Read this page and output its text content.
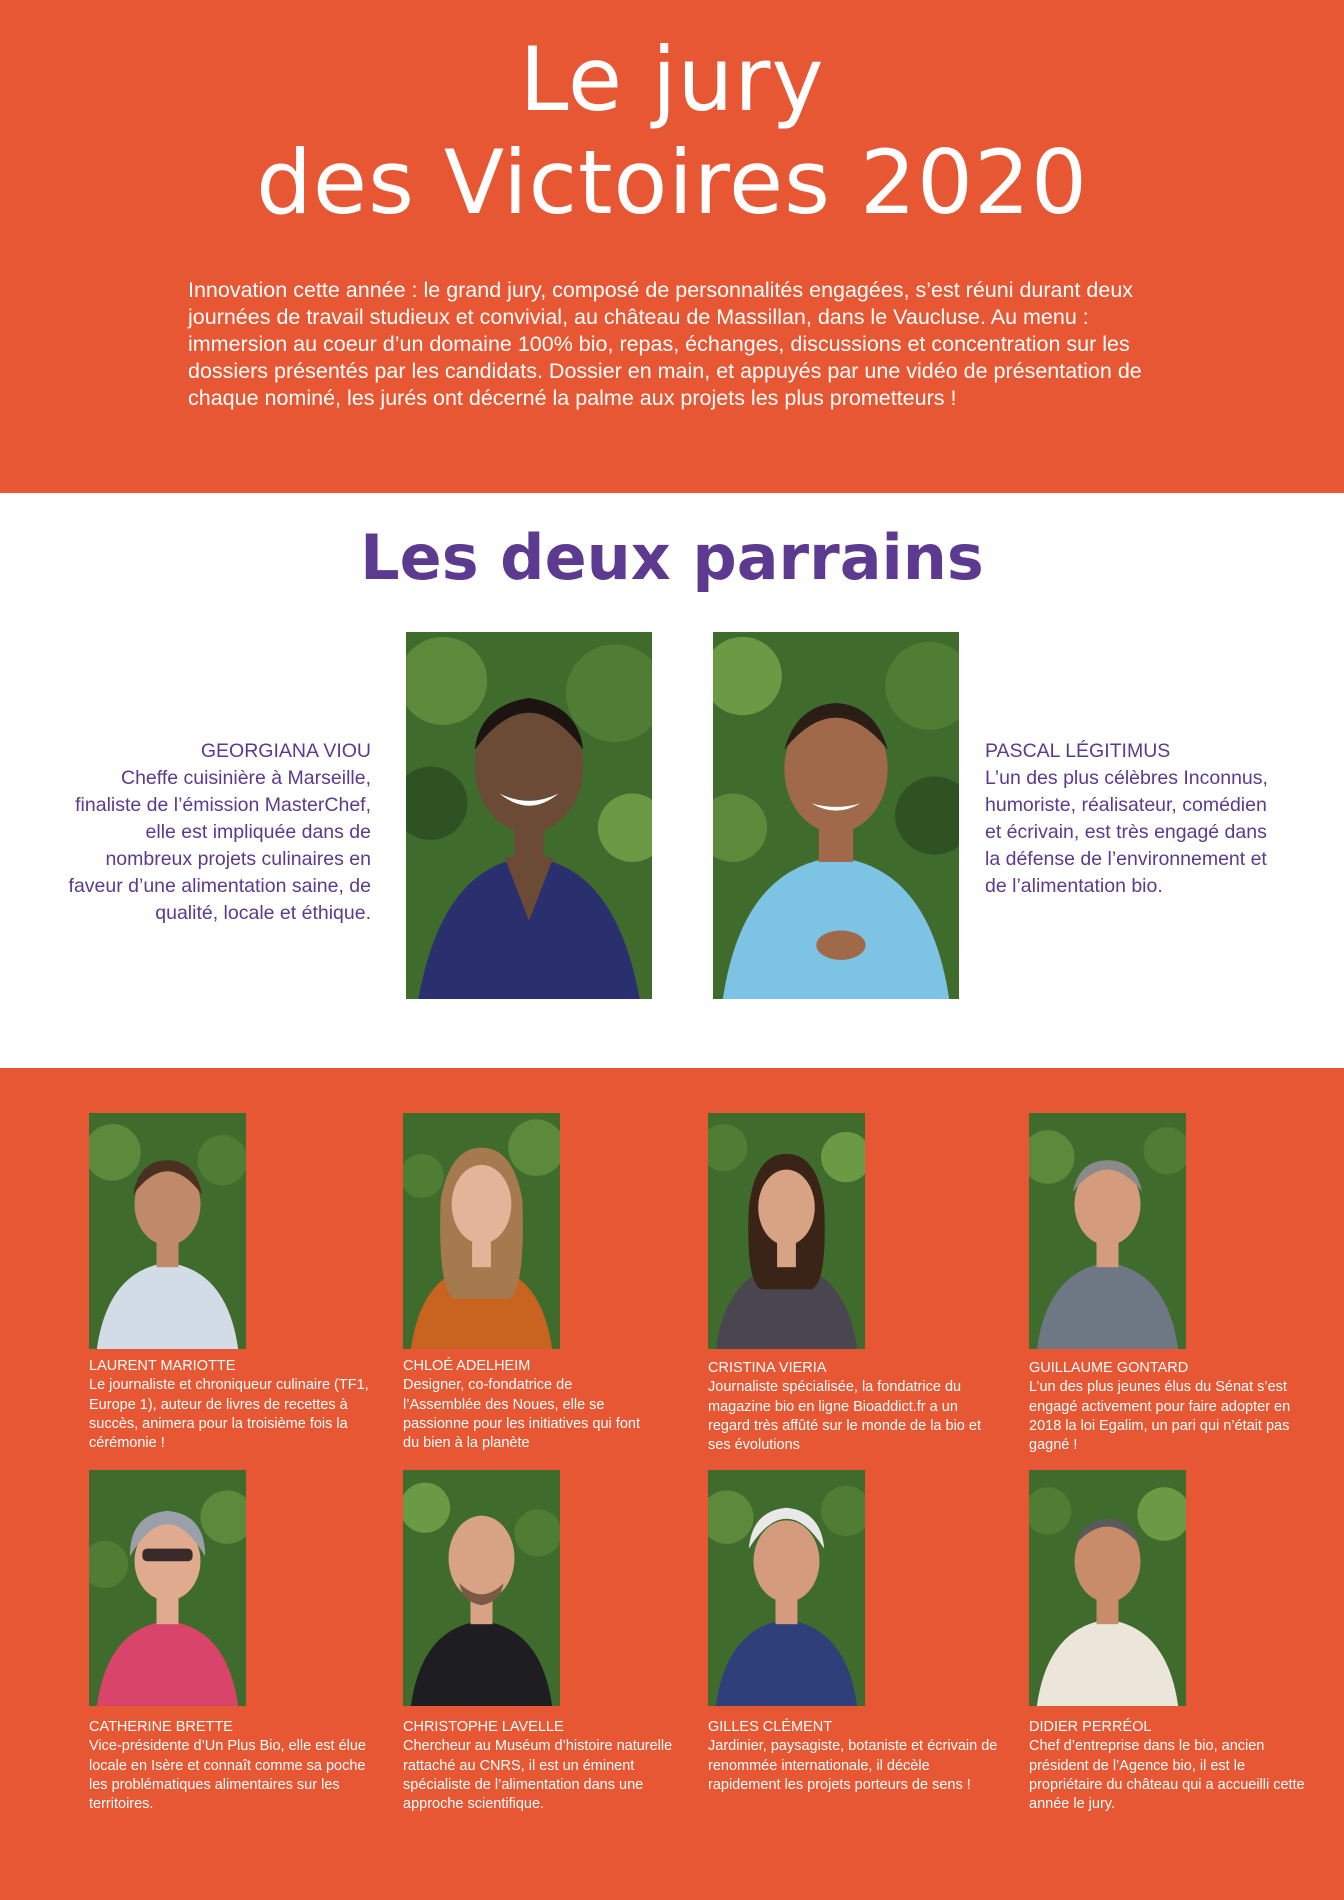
Le jury
des Victoires 2020

Innovation cette année : le grand jury, composé de personnalités engagées, s’est réuni durant deux journées de travail studieux et convivial, au château de Massillan, dans le Vaucluse. Au menu : immersion au coeur d’un domaine 100% bio, repas, échanges, discussions et concentration sur les dossiers présentés par les candidats. Dossier en main, et appuyés par une vidéo de présentation de chaque nominé, les jurés ont décerné la palme aux projets les plus prometteurs !

Les deux parrains
GEORGIANA VIOU
Cheffe cuisinière à Marseille, finaliste de l’émission MasterChef, elle est impliquée dans de nombreux projets culinaires en faveur d’une alimentation saine, de qualité, locale et éthique.
PASCAL LÉGITIMUS
L’un des plus célèbres Inconnus, humoriste, réalisateur, comédien et écrivain, est très engagé dans la défense de l’environnement et de l’alimentation bio.
LAURENT MARIOTTE
Le journaliste et chroniqueur culinaire (TF1, Europe 1), auteur de livres de recettes à succès, animera pour la troisième fois la cérémonie !
CHLOÉ ADELHEIM
Designer, co-fondatrice de l’Assemblée des Noues, elle se passionne pour les initiatives qui font du bien à la planète
CRISTINA VIERIA
Journaliste spécialisée, la fondatrice du magazine bio en ligne Bioaddict.fr a un regard très affûté sur le monde de la bio et ses évolutions
GUILLAUME GONTARD
L’un des plus jeunes élus du Sénat s’est engagé activement pour faire adopter en 2018 la loi Egalim, un pari qui n’était pas gagné !
CATHERINE BRETTE
Vice-présidente d’Un Plus Bio, elle est élue locale en Isère et connaît comme sa poche les problématiques alimentaires sur les territoires.
CHRISTOPHE LAVELLE
Chercheur au Muséum d’histoire naturelle rattaché au CNRS, il est un éminent spécialiste de l’alimentation dans une approche scientifique.
GILLES CLÉMENT
Jardinier, paysagiste, botaniste et écrivain de renommée internationale, il décèle rapidement les projets porteurs de sens !
DIDIER PERRÉOL
Chef d’entreprise dans le bio, ancien président de l’Agence bio, il est le propriétaire du château qui a accueilli cette année le jury.
